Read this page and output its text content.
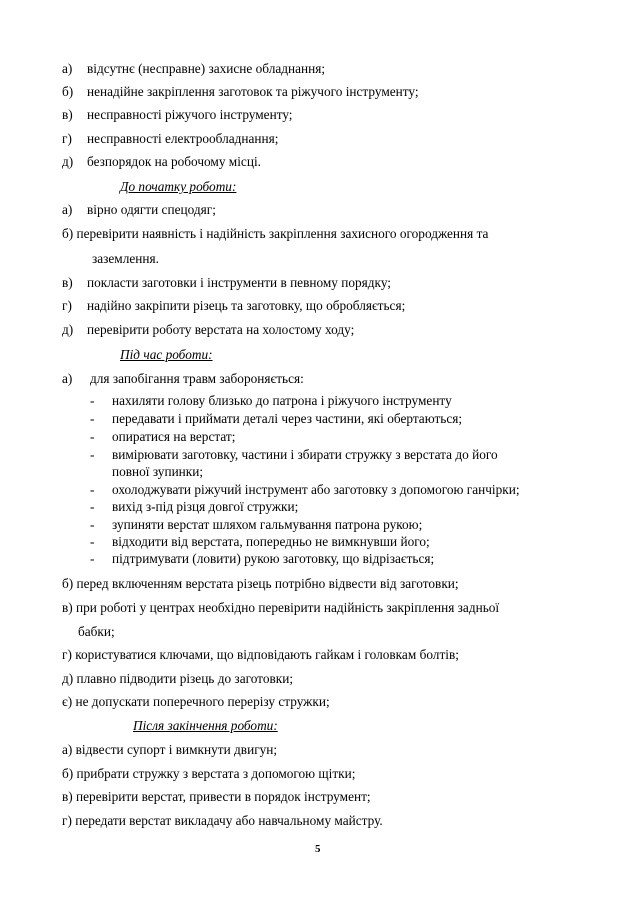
а) відсутнє (несправне) захисне обладнання;
б) ненадійне закріплення заготовок та ріжучого інструменту;
в) несправності ріжучого інструменту;
г) несправності електрообладнання;
д) безпорядок на робочому місці.
До початку роботи:
а) вірно одягти спецодяг;
б) перевірити наявність і надійність закріплення захисного огородження та
заземлення.
в) покласти заготовки і інструменти в певному порядку;
г) надійно закріпити різець та заготовку, що обробляється;
д) перевірити роботу верстата на холостому ходу;
Під час роботи:
а) для запобігання травм забороняється:
- нахиляти голову близько до патрона і ріжучого інструменту
- передавати і приймати деталі через частини, які обертаються;
- опиратися на верстат;
- вимірювати заготовку, частини і збирати стружку з верстата до його
повної зупинки;
- охолоджувати ріжучий інструмент або заготовку з допомогою ганчірки;
- вихід з-під різця довгої стружки;
- зупиняти верстат шляхом гальмування патрона рукою;
- відходити від верстата, попередньо не вимкнувши його;
- підтримувати (ловити) рукою заготовку, що відрізається;
б) перед включенням верстата різець потрібно відвести від заготовки;
в) при роботі у центрах необхідно перевірити надійність закріплення задньої
бабки;
г) користуватися ключами, що відповідають гайкам і головкам болтів;
д) плавно підводити різець до заготовки;
є) не допускати поперечного перерізу стружки;
Після закінчення роботи:
а) відвести супорт і вимкнути двигун;
б) прибрати стружку з верстата з допомогою щітки;
в) перевірити верстат, привести в порядок інструмент;
г) передати верстат викладачу або навчальному майстру.
5
